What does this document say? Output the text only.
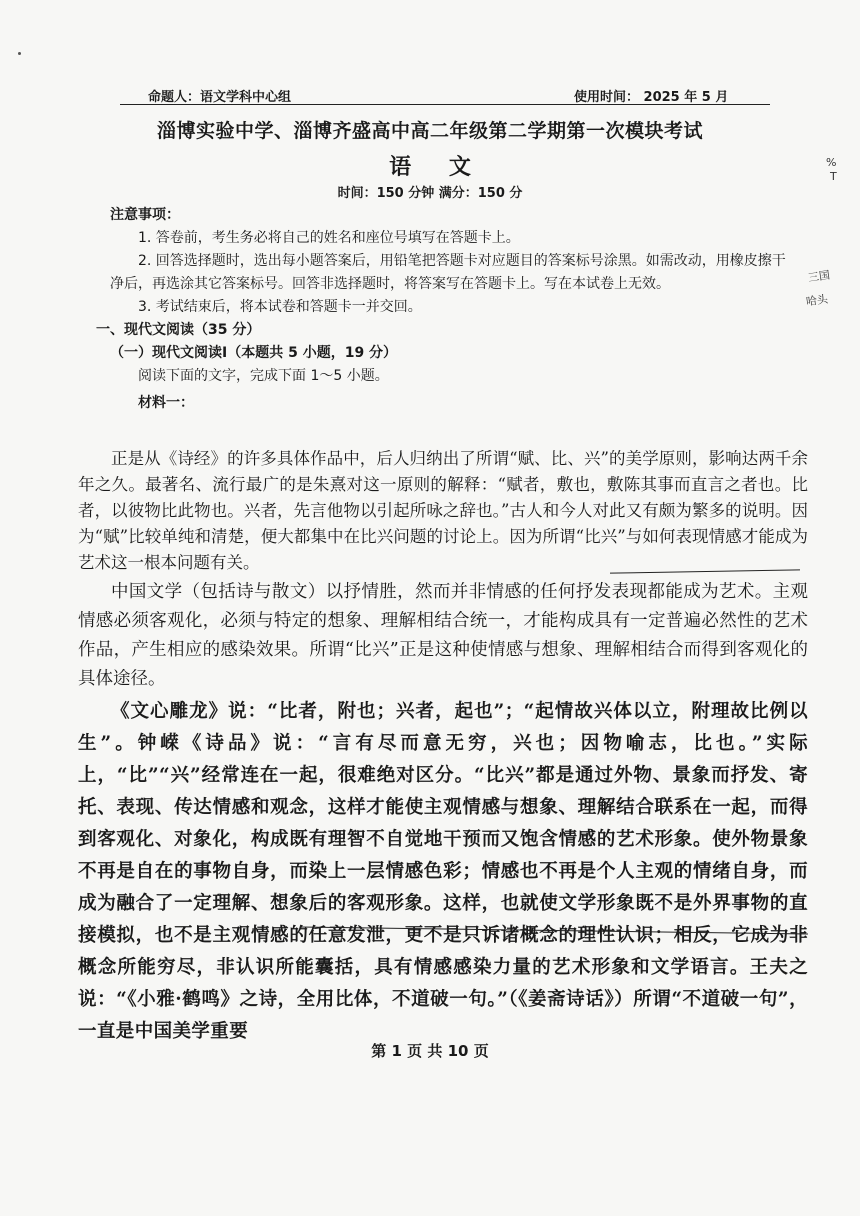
命题人：语文学科中心组	使用时间： 2025 年 5 月
淄博实验中学、淄博齐盛高中高二年级第二学期第一次模块考试
语 文
时间：150 分钟 满分：150 分

注意事项：

1. 答卷前，考生务必将自己的姓名和座位号填写在答题卡上。

2. 回答选择题时，选出每小题答案后，用铅笔把答题卡对应题目的答案标号涂黑。如需改动，用橡皮擦干净后，再选涂其它答案标号。回答非选择题时，将答案写在答题卡上。写在本试卷上无效。

3. 考试结束后，将本试卷和答题卡一并交回。

一、现代文阅读（35 分）

（一）现代文阅读Ⅰ（本题共 5 小题，19 分）

阅读下面的文字，完成下面 1～5 小题。

材料一：

正是从《诗经》的许多具体作品中，后人归纳出了所谓“赋、比、兴”的美学原则，影响达两千余年之久。最著名、流行最广的是朱熹对这一原则的解释：“赋者，敷也，敷陈其事而直言之者也。比者，以彼物比此物也。兴者，先言他物以引起所咏之辞也。”古人和今人对此又有颇为繁多的说明。因为“赋”比较单纯和清楚，便大都集中在比兴问题的讨论上。因为所谓“比兴”与如何表现情感才能成为艺术这一根本问题有关。

中国文学（包括诗与散文）以抒情胜，然而并非情感的任何抒发表现都能成为艺术。主观情感必须客观化，必须与特定的想象、理解相结合统一，才能构成具有一定普遍必然性的艺术作品，产生相应的感染效果。所谓“比兴”正是这种使情感与想象、理解相结合而得到客观化的具体途径。

《文心雕龙》说：“比者，附也；兴者，起也”；“起情故兴体以立，附理故比例以生”。钟嵘《诗品》说：“言有尽而意无穷，兴也；因物喻志，比也。”实际上，“比”“兴”经常连在一起，很难绝对区分。“比兴”都是通过外物、景象而抒发、寄托、表现、传达情感和观念，这样才能使主观情感与想象、理解结合联系在一起，而得到客观化、对象化，构成既有理智不自觉地干预而又饱含情感的艺术形象。使外物景象不再是自在的事物自身，而染上一层情感色彩；情感也不再是个人主观的情绪自身，而成为融合了一定理解、想象后的客观形象。这样，也就使文学形象既不是外界事物的直接模拟，也不是主观情感的任意发泄，更不是只诉诸概念的理性认识；相反，它成为非概念所能穷尽，非认识所能囊括，具有情感感染力量的艺术形象和文学语言。王夫之说：“《小雅·鹤鸣》之诗，全用比体，不道破一句。”（《姜斋诗话》）所谓“不道破一句”，一直是中国美学重要

%
T
三国
哈头
第 1 页 共 10 页
